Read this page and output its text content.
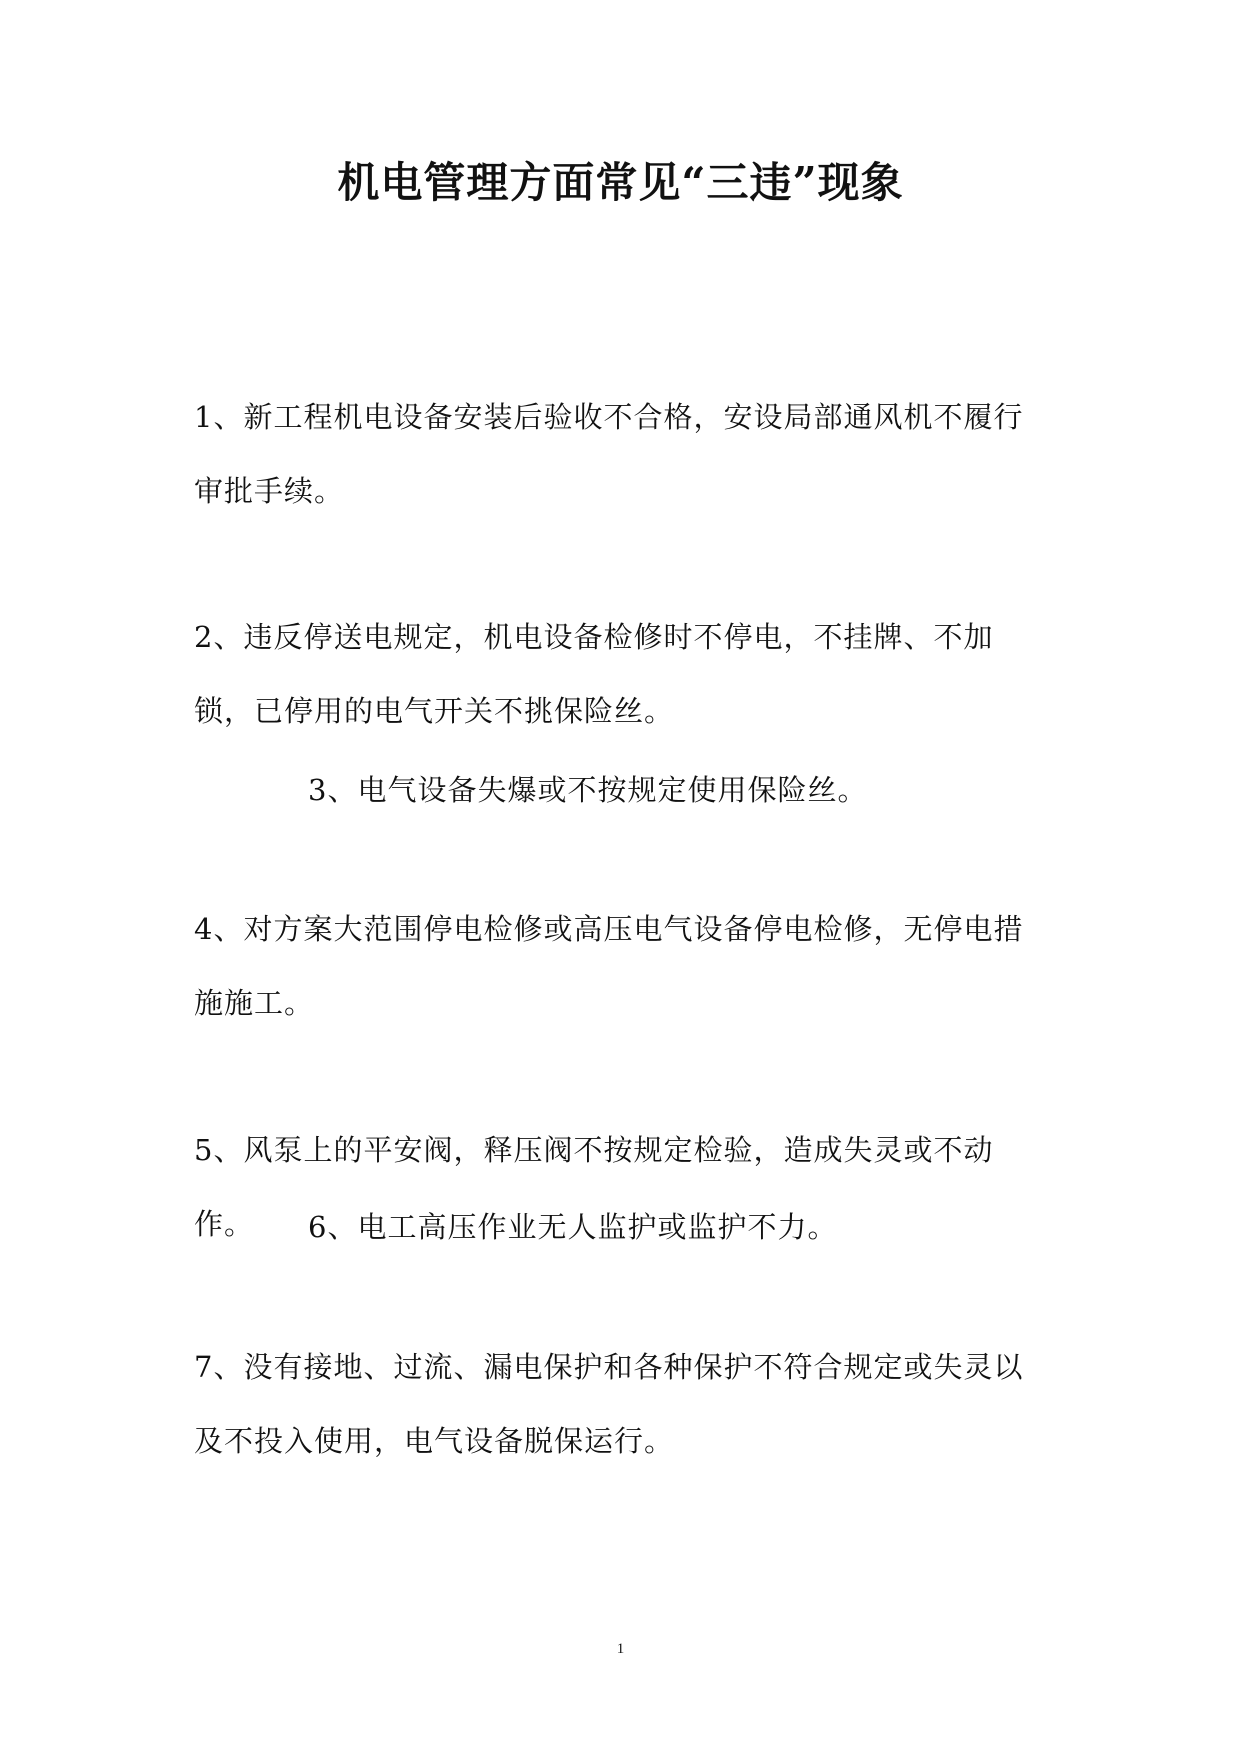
机电管理方面常见“三违”现象

1、新工程机电设备安装后验收不合格，安设局部通风机不履行审批手续。

2、违反停送电规定，机电设备检修时不停电，不挂牌、不加锁，已停用的电气开关不挑保险丝。

3、电气设备失爆或不按规定使用保险丝。

4、对方案大范围停电检修或高压电气设备停电检修，无停电措施施工。

5、风泵上的平安阀，释压阀不按规定检验，造成失灵或不动作。	6、电工高压作业无人监护或监护不力。

7、没有接地、过流、漏电保护和各种保护不符合规定或失灵以及不投入使用，电气设备脱保运行。

1
